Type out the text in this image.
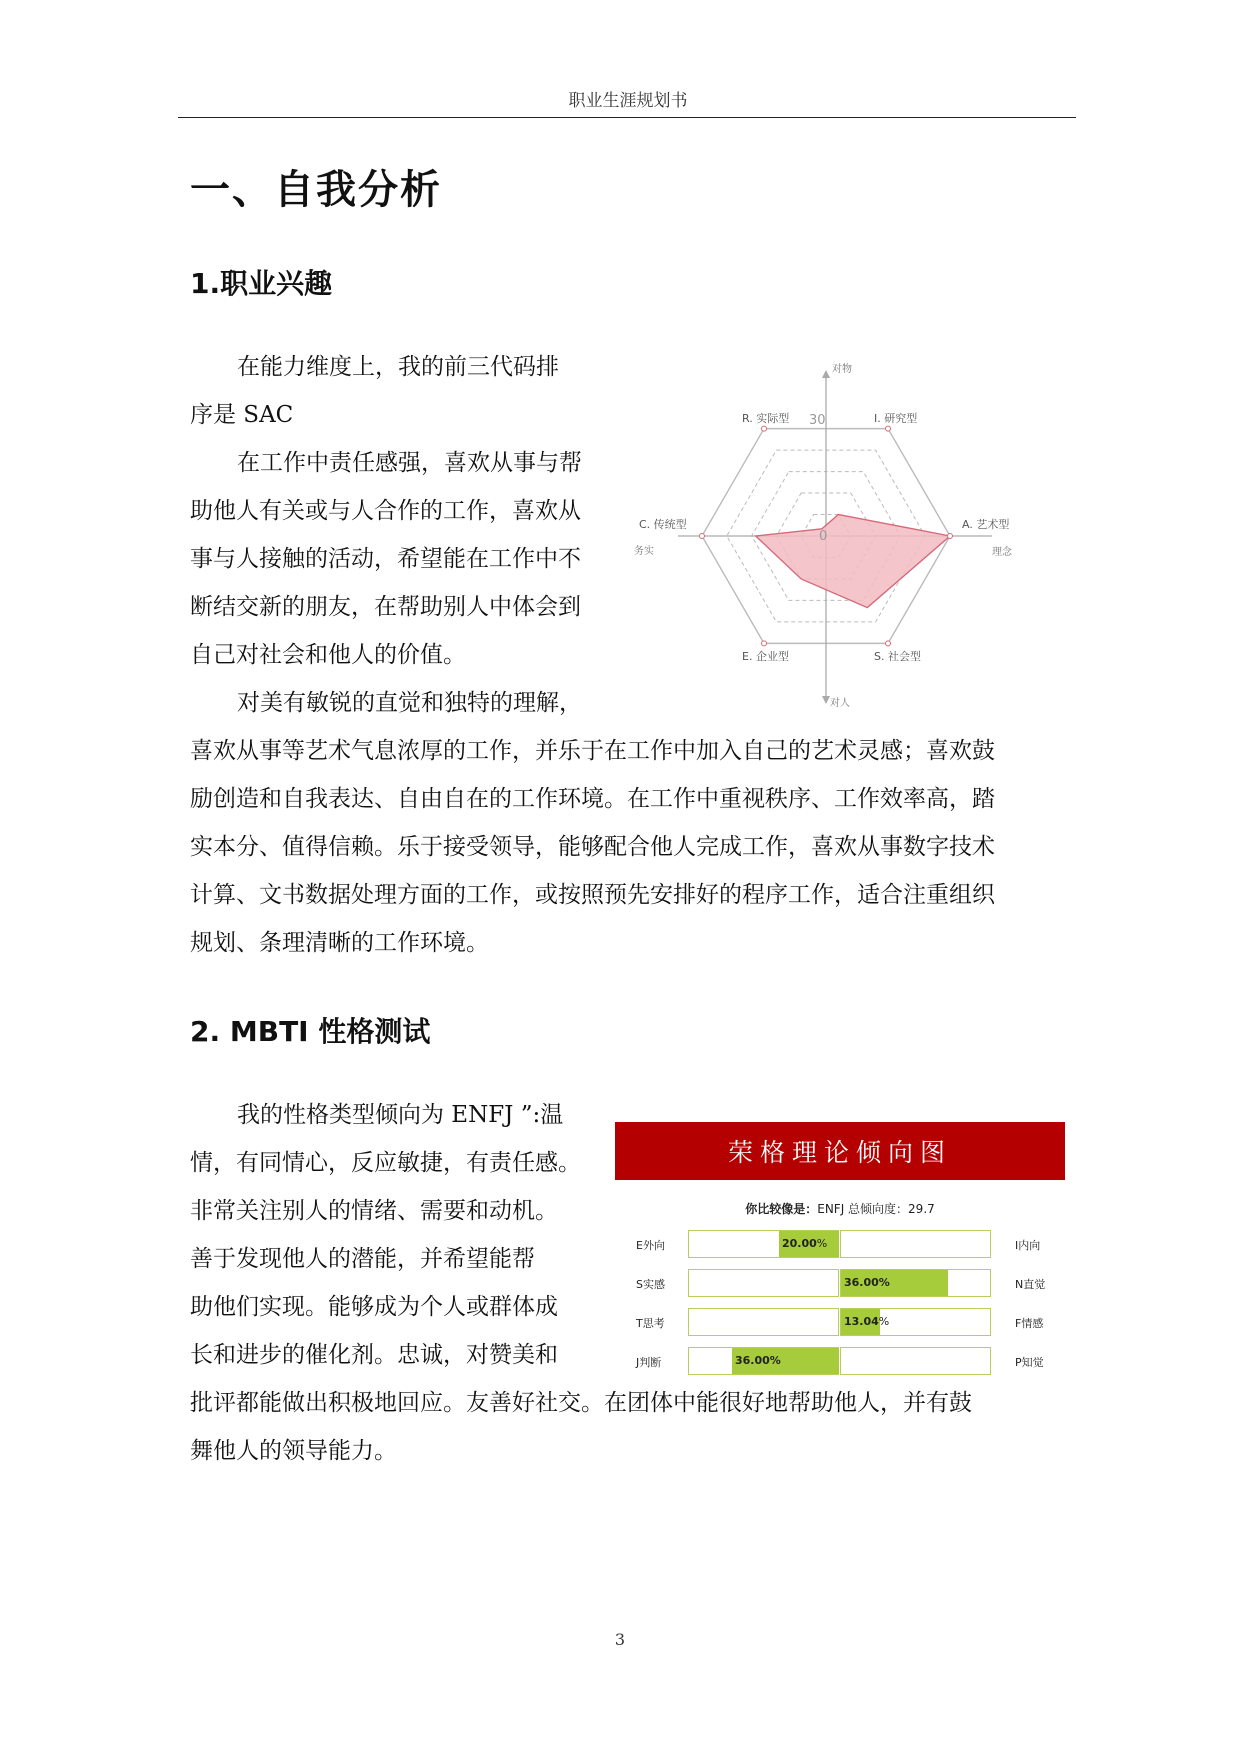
职业生涯规划书
一、自我分析
1.职业兴趣
在能力维度上，我的前三代码排
序是 SAC
在工作中责任感强，喜欢从事与帮
助他人有关或与人合作的工作，喜欢从
事与人接触的活动，希望能在工作中不
断结交新的朋友，在帮助别人中体会到
自己对社会和他人的价值。
对美有敏锐的直觉和独特的理解，
喜欢从事等艺术气息浓厚的工作，并乐于在工作中加入自己的艺术灵感；喜欢鼓
励创造和自我表达、自由自在的工作环境。在工作中重视秩序、工作效率高，踏
实本分、值得信赖。乐于接受领导，能够配合他人完成工作，喜欢从事数字技术
计算、文书数据处理方面的工作，或按照预先安排好的程序工作，适合注重组织
规划、条理清晰的工作环境。
对物
对人
务实	理念
30
0
R. 实际型	I. 研究型
A. 艺术型
S. 社会型
E. 企业型
C. 传统型
2. MBTI 性格测试
我的性格类型倾向为 ENFJ ”:温
情，有同情心，反应敏捷，有责任感。
非常关注别人的情绪、需要和动机。
善于发现他人的潜能，并希望能帮
助他们实现。能够成为个人或群体成
长和进步的催化剂。忠诚，对赞美和
批评都能做出积极地回应。友善好社交。在团体中能很好地帮助他人，并有鼓
舞他人的领导能力。
荣格理论倾向图
你比较像是：ENFJ 总倾向度：29.7
E外向	20.00%	I内向
S实感	36.00%	N直觉
T思考	13.04%	F情感
J判断	36.00%	P知觉
3
